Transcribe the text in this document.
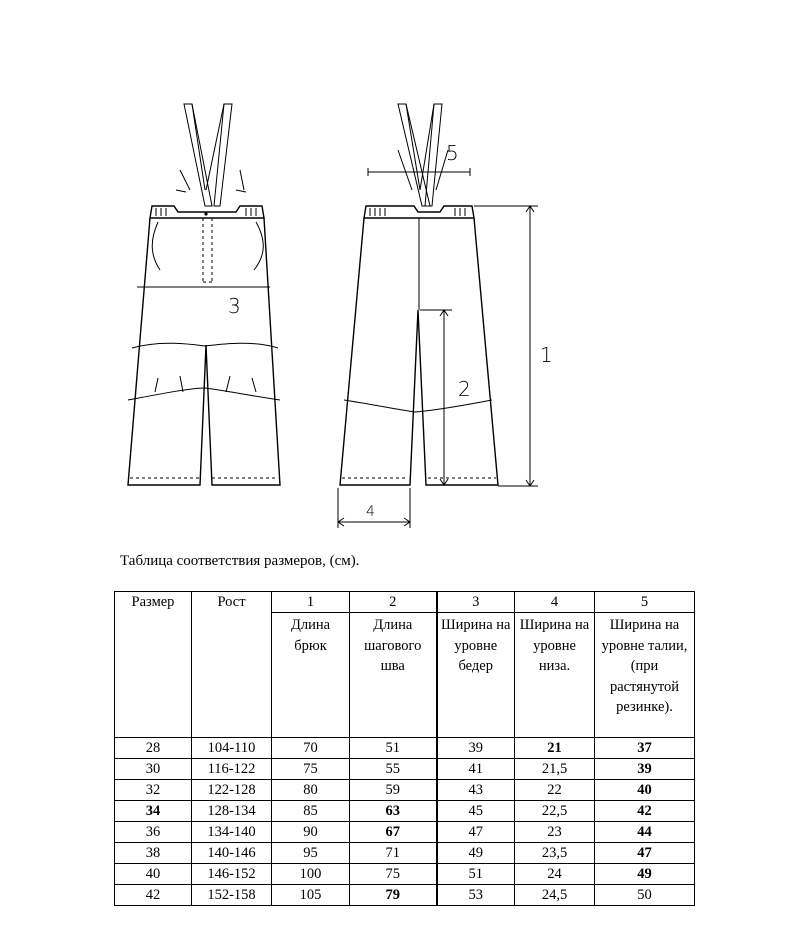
3
5
2
1
4
Таблица соответствия размеров, (см).
Размер	Рост	1	2	3	4	5
		Длина брюк	Длина шагового шва	Ширина на уровне бедер	Ширина на уровне низа.	Ширина на уровне талии, (при растянутой резинке).
28	104-110	70	51	39	21	37
30	116-122	75	55	41	21,5	39
32	122-128	80	59	43	22	40
34	128-134	85	63	45	22,5	42
36	134-140	90	67	47	23	44
38	140-146	95	71	49	23,5	47
40	146-152	100	75	51	24	49
42	152-158	105	79	53	24,5	50
